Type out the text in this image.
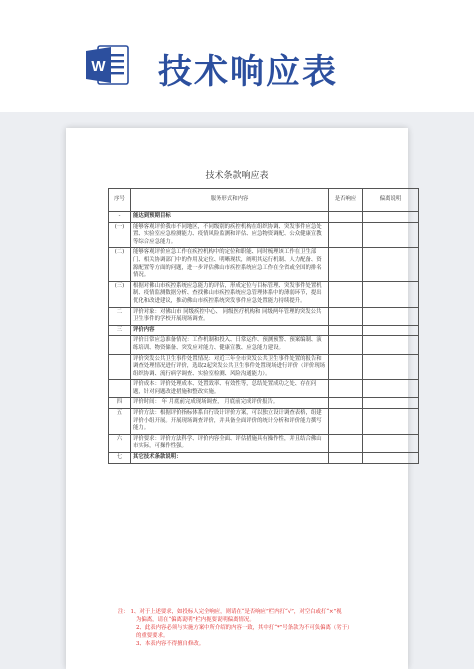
W 技术响应表
技术条款响应表
序号	服务形式和内容	是否响应	偏离说明
-	能达到预期目标		
(一)	能够客观评价我市不同地区，不同级别的疾控机构在组织协调、突发事件应急处置、实验室应急检测能力、疫情风险监测和评估、应急物资调配、公众健康宣教等综合应急能力。		
(二)	能够客观评价应急工作在疾控机构中的定位和职能、同时梳理该工作在卫生部门、相关协调部门中的作用及定位、明晰现状，阐明其运行机制、人力配备、资源配置等方面的问题，进一步评估佛山市疾控系统应急工作在全省或全国的排名情况。		
(三)	根据对佛山市疾控系统应急能力的评估，形成定位与目标管理、突发事件处置机制、疫情监测数据分析、查找佛山市疾控系统应急管理体系中的薄弱环节，提出优化和改进建议，推动佛山市疾控系统突发事件应急处置能力持续提升。		
二	评价对象：对佛山市 同级疾控中心、 同级医疗机构和 同级两年管理的突发公共卫生事件的学校开展现场调查。		
三	评价内容		
	评价日常应急准备情况：工作机制和投入、日常运作、预测预警、预案编制、演练培训、物资储备、突发应对能力、健康宣教、应急能力建设。		
	评价突发公共卫生事件处置情况：对近三年全市突发公共卫生事件处置的报告和调查处理情况进行评价，选取2起突发公共卫生事件处置现场进行评价（评价现场组织协调、流行病学调查、实验室检测、风险沟通能力）。		
	评价成本：评价处理成本、处置效率、有效性等，总结处置成功之处、存在问题，针对问题改进措施和整改实施。		
四	评价时间： 年 月底前完成现场调查， 月底前完成评价报告。		
五	评价方法：根据评价指标体系自行设计评价方案，可以独立设计调查表格，组建评价小组开展。开展现场调查评价，并具备全面评价的统计分析和评价能力撰写能力。		
六	评价要求：评价方法科学、评价内容全面、评估措施具有操作性，并且结合佛山市实际，可操作性强。		
七	其它技术条款说明：		
注： 1、对于上述要求，如投标人完全响应，则请在“是否响应”栏内打“√”，对空白或打“×”视
为偏离，请在“偏离说明”栏内扼要说明偏离情况。
2、此表内容必须与实施方案中所介绍的内容一致，其中打“*”号条款为不可负偏离（劣于）
的重要要求。
3、本表内容不得擅自修改。
